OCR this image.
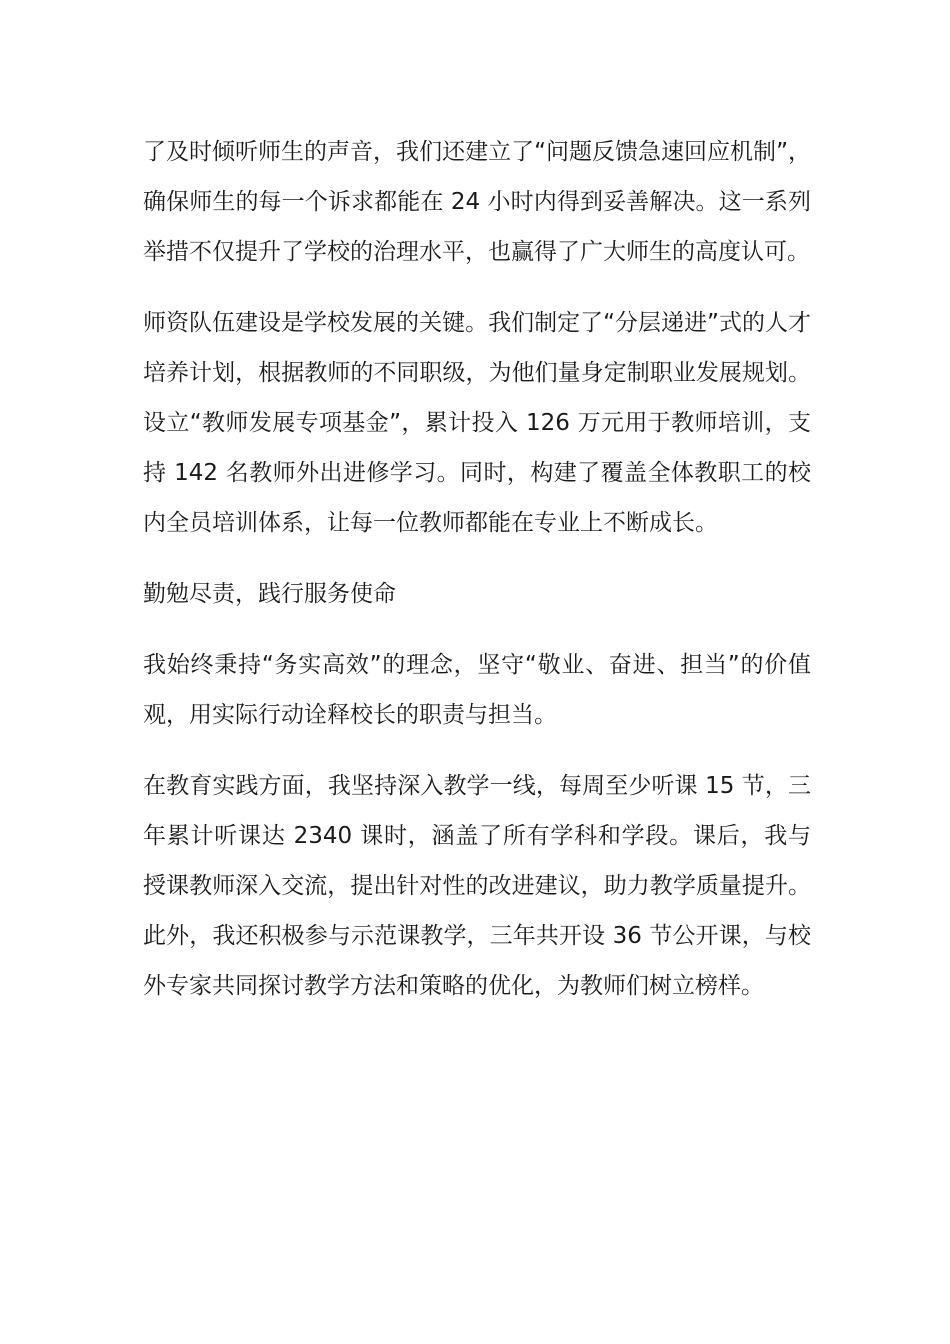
了及时倾听师生的声音，我们还建立了“问题反馈急速回应机制”，确保师生的每一个诉求都能在 24 小时内得到妥善解决。这一系列举措不仅提升了学校的治理水平，也赢得了广大师生的高度认可。

师资队伍建设是学校发展的关键。我们制定了“分层递进”式的人才培养计划，根据教师的不同职级，为他们量身定制职业发展规划。设立“教师发展专项基金”，累计投入 126 万元用于教师培训，支持 142 名教师外出进修学习。同时，构建了覆盖全体教职工的校内全员培训体系，让每一位教师都能在专业上不断成长。

勤勉尽责，践行服务使命

我始终秉持“务实高效”的理念，坚守“敬业、奋进、担当”的价值观，用实际行动诠释校长的职责与担当。

在教育实践方面，我坚持深入教学一线，每周至少听课 15 节，三年累计听课达 2340 课时，涵盖了所有学科和学段。课后，我与授课教师深入交流，提出针对性的改进建议，助力教学质量提升。此外，我还积极参与示范课教学，三年共开设 36 节公开课，与校外专家共同探讨教学方法和策略的优化，为教师们树立榜样。
